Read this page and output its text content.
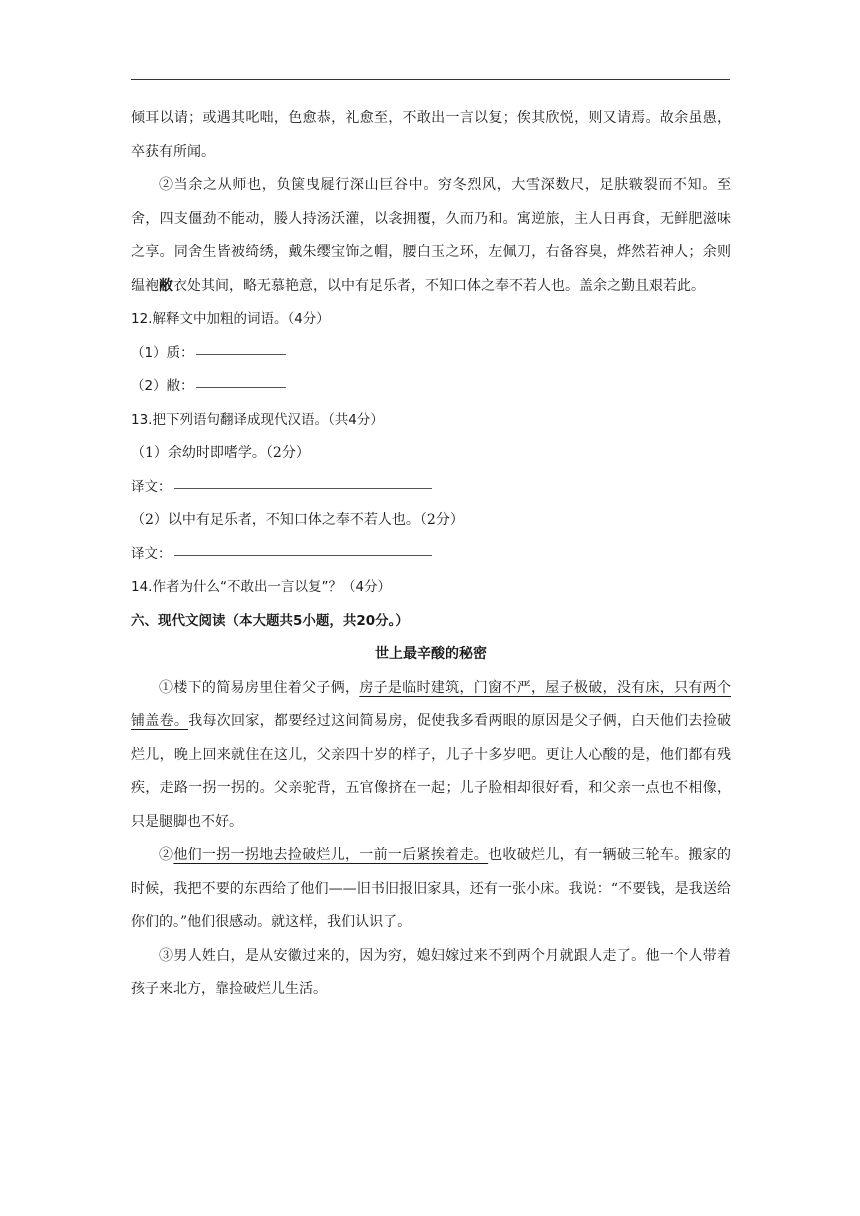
倾耳以请；或遇其叱咄，色愈恭，礼愈至，不敢出一言以复；俟其欣悦，则又请焉。故余虽愚，卒获有所闻。

②当余之从师也，负箧曳屣行深山巨谷中。穷冬烈风，大雪深数尺，足肤皲裂而不知。至舍，四支僵劲不能动，媵人持汤沃灌，以衾拥覆，久而乃和。寓逆旅，主人日再食，无鲜肥滋味之享。同舍生皆被绮绣，戴朱缨宝饰之帽，腰白玉之环，左佩刀，右备容臭，烨然若神人；余则缊袍敝衣处其间，略无慕艳意，以中有足乐者，不知口体之奉不若人也。盖余之勤且艰若此。

12.解释文中加粗的词语。（4分）

（1）质：

（2）敝：

13.把下列语句翻译成现代汉语。（共4分）

（1）余幼时即嗜学。（2分）

译文：

（2）以中有足乐者，不知口体之奉不若人也。（2分）

译文：

14.作者为什么“不敢出一言以复”？（4分）

六、现代文阅读（本大题共5小题，共20分。）

世上最辛酸的秘密

①楼下的简易房里住着父子俩，房子是临时建筑，门窗不严，屋子极破，没有床，只有两个铺盖卷。我每次回家，都要经过这间简易房，促使我多看两眼的原因是父子俩，白天他们去捡破烂儿，晚上回来就住在这儿，父亲四十岁的样子，儿子十多岁吧。更让人心酸的是，他们都有残疾，走路一拐一拐的。父亲驼背，五官像挤在一起；儿子脸相却很好看，和父亲一点也不相像，只是腿脚也不好。

②他们一拐一拐地去捡破烂儿，一前一后紧挨着走。也收破烂儿，有一辆破三轮车。搬家的时候，我把不要的东西给了他们——旧书旧报旧家具，还有一张小床。我说：“不要钱，是我送给你们的。”他们很感动。就这样，我们认识了。

③男人姓白，是从安徽过来的，因为穷，媳妇嫁过来不到两个月就跟人走了。他一个人带着孩子来北方，靠捡破烂儿生活。
